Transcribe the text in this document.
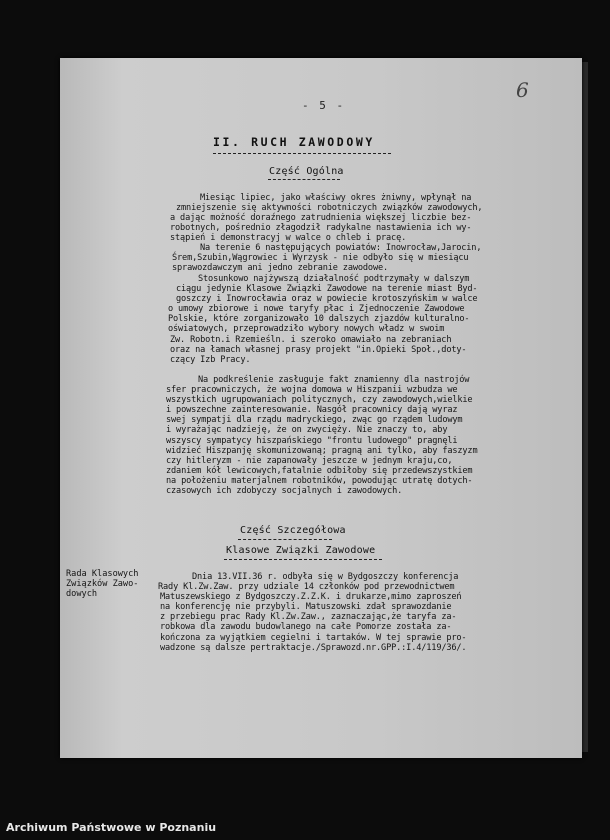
- 5 -
6
II. RUCH ZAWODOWY
Część Ogólna
Miesiąc lipiec, jako właściwy okres żniwny, wpłynął na
zmniejszenie się aktywności robotniczych związków zawodowych,
a dając możność doraźnego zatrudnienia większej liczbie bez-
robotnych, pośrednio złagodził radykalne nastawienia ich wy-
stąpień i demonstracyj w walce o chleb i pracę.
Na terenie 6 następujących powiatów: Inowrocław,Jarocin,
Śrem,Szubin,Wągrowiec i Wyrzysk - nie odbyło się w miesiącu
sprawozdawczym ani jedno zebranie zawodowe.
Stosunkowo najżywszą działalność podtrzymały w dalszym
ciągu jedynie Klasowe Związki Zawodowe na terenie miast Byd-
goszczy i Inowrocławia oraz w powiecie krotoszyńskim w walce
o umowy zbiorowe i nowe taryfy płac i Zjednoczenie Zawodowe
Polskie, które zorganizowało 10 dalszych zjazdów kulturalno-
oświatowych, przeprowadziło wybory nowych władz w swoim
Zw. Robotn.i Rzemieśln. i szeroko omawiało na zebraniach
oraz na łamach własnej prasy projekt "in.Opieki Społ.,doty-
czący Izb Pracy.
Na podkreślenie zasługuje fakt znamienny dla nastrojów
sfer pracowniczych, że wojna domowa w Hiszpanii wzbudza we
wszystkich ugrupowaniach politycznych, czy zawodowych,wielkie
i powszechne zainteresowanie. Nasgół pracownicy dają wyraz
swej sympatji dla rządu madryckiego, zwąc go rządem ludowym
i wyrażając nadzieję, że on zwycięży. Nie znaczy to, aby
wszyscy sympatycy hiszpańskiego "frontu ludowego" pragnęli
widzieć Hiszpanję skomunizowaną; pragną ani tylko, aby faszyzm
czy hitleryzm - nie zapanowały jeszcze w jednym kraju,co,
zdaniem kół lewicowych,fatalnie odbiłoby się przedewszystkiem
na położeniu materjalnem robotników, powodując utratę dotych-
czasowych ich zdobyczy socjalnych i zawodowych.
Część Szczegółowa
Klasowe Związki Zawodowe
Rada Klasowych
Związków Zawo-
dowych
Dnia 13.VII.36 r. odbyła się w Bydgoszczy konferencja
Rady Kl.Zw.Zaw. przy udziale 14 członków pod przewodnictwem
Matuszewskiego z Bydgoszczy.Z.Z.K. i drukarze,mimo zaproszeń
na konferencję nie przybyli. Matuszowski zdał sprawozdanie
z przebiegu prac Rady Kl.Zw.Zaw., zaznaczając,że taryfa za-
robkowa dla zawodu budowlanego na całe Pomorze została za-
kończona za wyjątkiem cegielni i tartaków. W tej sprawie pro-
wadzone są dalsze pertraktacje./Sprawozd.nr.GPP.:I.4/119/36/.
Archiwum Państwowe w Poznaniu
